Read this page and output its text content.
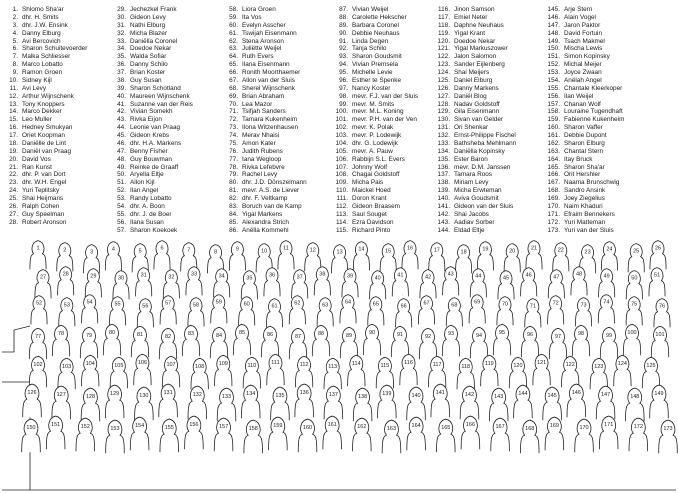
1. Shlomo Sha'ar
2. dhr. H. Smits
3. dhr. J.W. Ensink
4. Danny Elburg
5. Avi Bercovich
6. Sharon Schuitevoerder
7. Malka Schliesser
8. Marco Lobatto
9. Ramon Groen
10. Sidney Kijl
11. Avi Levy
12. Arthur Wijnschenk
13. Tony Knoppers
14. Marco Dekker
15. Leo Muller
16. Hedney Smukyan
17. Oriet Koopman
18. Daniëlle de Lint
19. Daniël van Praag
20. David Vos
21. Ran Kunst
22. dhr. P. van Dort
23. dhr. W.H. Engel
24. Yuri Teplitsky
25. Shai Heijmans
26. Ralph Cohen
27. Guy Speelman
28. Robert Aronson
29. Jechezkel Frank
30. Gideon Levy
31. Nathi Elburg
32. Micha Blazer
33. Daniëlla Coronel
34. Doedoe Nekar
35. Walda Sofiar
36. Danny Schilo
37. Brian Koster
38. Guy Susan
39. Sharon Schotland
40. Maureen Wijnschenk
41. Suzanne van der Reis
42. Vivian Somekh
43. Rivka Eijon
44. Leonie van Praag
45. Gideon Krebs
46. dhr. H.A. Markens
47. Benny Fisher
48. Guy Bouwman
49. Reinke de Graaff
50. Aryella Eltje
51. Allon Kijl
52. Ilan Angel
53. Randy Lobatto
54. dhr. A. Boon
55. dhr. J. de Boer
56. Ilana Susan
57. Sharon Koekoek
58. Liora Groen
59. Ita Vos
60. Evelyn Asscher
61. Tswijah Eisenmann
62. Stena Aronson
63. Juliëtte Weijel
64. Ruth Evers
65. Ilana Eisenmann
66. Ronith Moorthaemer
67. Allon van der Sluis
68. Sherel Wijnschenk
69. Brian Abraham
70. Lea Mazor
71. Tsifjah Sanders
72. Tamara Kukenheim
73. Ilona Witzenhausen
74. Merav Nhaisi
75. Amon Kater
76. Judith Rubens
77. Iana Wegloop
78. Rivka Lefebvre
79. Rachel Levy
80. dhr. J.D. Dönszelmann
81. mevr. A.S. de Liever
82. dhr. F. Veltkamp
83. Boruch van de Kamp
84. Yigal Markens
85. Alexandra Strich
86. Anëlla Kommehl
87. Vivian Weijel
88. Carolette Hekscher
89. Barbara Coronel
90. Debbie Neuhaus
91. Linda Degen
92. Tanja Schilo
93. Sharon Goudsmit
94. Vivian Premsela
95. Michelle Levie
96. Esther te Spenke
97. Nancy Koster
98. mevr. F.J. van der Sluis
99. mevr. M. Smits
100. mevr. M.L. Koning
101. mevr. P.H. van der Ven
102. mevr. K. Polak
103. mevr. P. Lodewijk
104. dhr. G. Lodewijk
105. mevr. A. Pauw
106. Rabbijn S.L. Evers
107. Johnny Wolf
108. Chagai Goldstoff
109. Micha Pais
110. Maickel Hoed
111. Doron Krant
112. Gideon Braasem
113. Saul Souget
114. Ezra Davidson
115. Richard Pinto
116. Jinon Samson
117. Emiel Neter
118. Daphne Neuhaus
119. Yigal Krant
120. Doedoe Nekar
121. Yigal Markuszower
122. Jalon Salomon
123. Sander Eijlenberg
124. Shai Meijers
125. Daniel Elburg
126. Danny Markens
127. Daniël Blog
128. Nadav Goldstoff
129. Gila Eisenmann
130. Sivan van Gelder
131. Ori Shenkar
132. Ernst-Philippe Fischel
133. Bathsheba Mehlmann
134. Daniëlla Kopinsky
135. Ester Baron
136. mevr. D.M. Janssen
137. Tamara Roos
138. Miriam Levy
139. Micha Erwteman
140. Aviva Goudsmit
141. Gideon van der Sluis
142. Shai Jacobs
143. Aadiav Sorber
144. Eldad Eltje
145. Arje Stern
146. Alain Vogel
147. Jaron Paktor
148. David Fortuin
149. Tsach Makmel
150. Mischa Lewis
151. Simon Kopinsky
152. Michal Meijer
153. Joyce Zwaan
154. Anëlah Angel
155. Chantale Kleerkoper
156. Ilan Weijel
157. Chanan Wolf
158. Louraine Tugendhaft
159. Fabienne Kukenheim
160. Sharon Vaffer
161. Debbie Dupont
162. Sharon Elburg
163. Chantal Stern
164. Itay Bruck
165. Sharon Sha'ar
166. Orit Hershler
167. Naama Brunschwig
168. Sandro Ansink
169. Joey Ziegelius
170. Naim Khaduri
171. Efraim Bennekers
172. Yuri Matteman
173. Yuri van der Sluis
1	2	3	4	5	6	7	8	9	10	11	12	13	14	15	16	17	18	19	20	21	22	23	24	25	26
27	28	29	30	31	32	33	34	35	36	37	38	39	40	41	42	43	44	45	46	47	48	49	50	51
52	53	54	55	56	57	58	59	60	61	62	63	64	65	66	67	68	69	70	71	72	73	74	75	76
77	78	79	80	81	82	83	84	85	86	87	88	89	90	91	92	93	94	95	96	97	98	99	100	101
102	103	104	105	106	107	108	109	110	111	112	113	114	115	116	117	118	119	120	121	122	123	124	125
126	127	128	129	130	131	132	133	134	135	136	137	138	139	140	141	142	143	144	145	146	147	148	149
150	151	152	153	154	155	156	157	158	159	160	161	162	163	164	165	166	167	168	169	170	171	172	173
